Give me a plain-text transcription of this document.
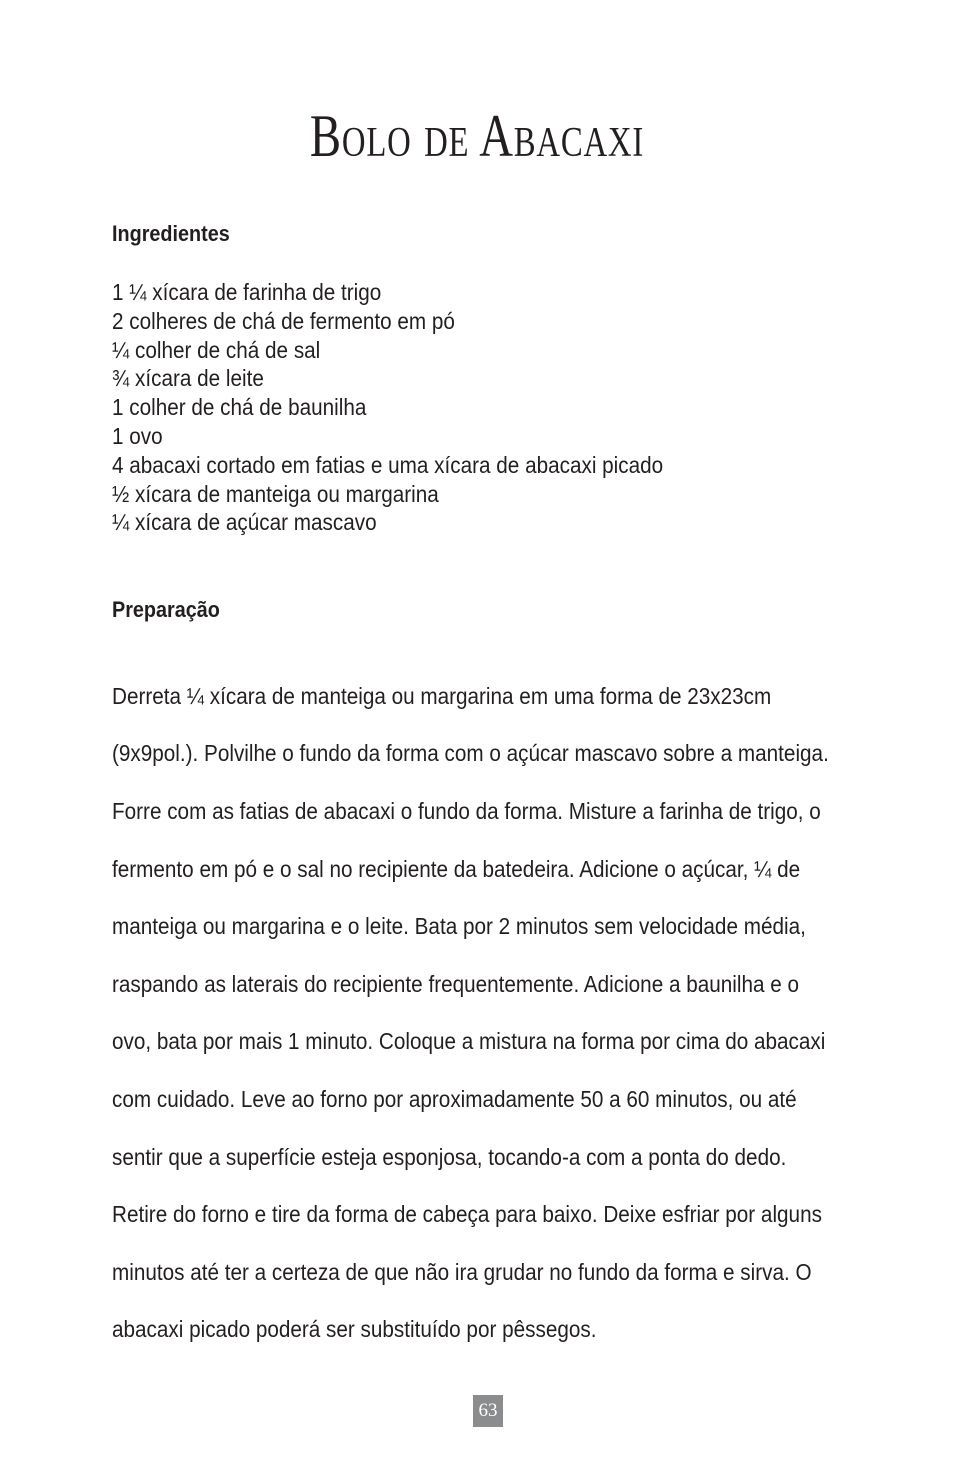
Bolo de Abacaxi
Ingredientes
1 ¼ xícara de farinha de trigo
2 colheres de chá de fermento em pó
¼ colher de chá de sal
¾ xícara de leite
1 colher de chá de baunilha
1 ovo
4 abacaxi cortado em fatias e uma xícara de abacaxi picado
½ xícara de manteiga ou margarina
¼ xícara de açúcar mascavo
Preparação

Derreta ¼ xícara de manteiga ou margarina em uma forma de 23x23cm

(9x9pol.). Polvilhe o fundo da forma com o açúcar mascavo sobre a manteiga.

Forre com as fatias de abacaxi o fundo da forma. Misture a farinha de trigo, o

fermento em pó e o sal no recipiente da batedeira. Adicione o açúcar, ¼ de

manteiga ou margarina e o leite. Bata por 2 minutos sem velocidade média,

raspando as laterais do recipiente frequentemente. Adicione a baunilha e o

ovo, bata por mais 1 minuto. Coloque a mistura na forma por cima do abacaxi

com cuidado. Leve ao forno por aproximadamente 50 a 60 minutos, ou até

sentir que a superfície esteja esponjosa, tocando-a com a ponta do dedo.

Retire do forno e tire da forma de cabeça para baixo. Deixe esfriar por alguns

minutos até ter a certeza de que não ira grudar no fundo da forma e sirva. O

abacaxi picado poderá ser substituído por pêssegos.

63
